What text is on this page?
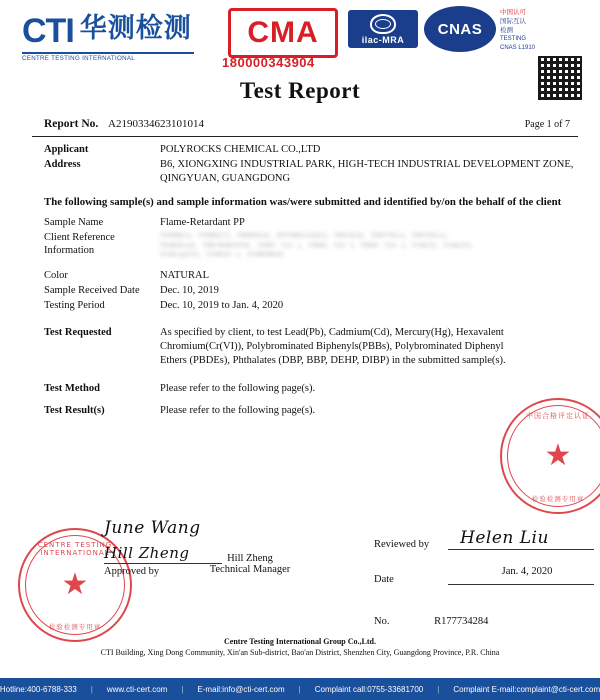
CTI 华测检测
CENTRE TESTING INTERNATIONAL
CMA
180000343904
ilac-MRA
CNAS
中国认可
国际互认
检测
TESTING
CNAS L1910
Test Report
Report No. A2190334623101014	Page 1 of 7
Applicant	POLYROCKS CHEMICAL CO.,LTD
Address	B6, XIONGXING INDUSTRIAL PARK, HIGH-TECH INDUSTRIAL DEVELOPMENT ZONE,
QINGYUAN, GUANGDONG
The following sample(s) and sample information was/were submitted and identified by/on the behalf of the client
Sample Name	Flame-Retardant PP
Client Reference
Information
TDMB(1), TNMK(7), TRMW(4), KPTMEG(4)(5), TREX(4), TRETN(1), TRETK(1),
TEMDL(4), TMCRMENTK, TERT C(3 ), TMBL T(9 ), TRRF C(4 ), TAR(5), TAB(25),
TAM-(p)T(), TAMJ(4 ), TAMEM(4)
Color	NATURAL
Sample Received Date	Dec. 10, 2019
Testing Period	Dec. 10, 2019 to Jan. 4, 2020
Test Requested	As specified by client, to test Lead(Pb), Cadmium(Cd), Mercury(Hg), Hexavalent
Chromium(Cr(VI)), Polybrominated Biphenyls(PBBs), Polybrominated Diphenyl
Ethers (PBDEs), Phthalates (DBP, BBP, DEHP, DIBP) in the submitted sample(s).
Test Method	Please refer to the following page(s).
Test Result(s)	Please refer to the following page(s).
中国合格评定认证
★
检验检测专用章
CENTRE TESTING INTERNATIONAL
★
检验检测专用章
June Wang
Hill Zheng
Approved by
Hill Zheng
Technical Manager
Reviewed by	Helen Liu
Date
Jan. 4, 2020
No.	R177734284
Centre Testing International Group Co.,Ltd.
CTI Building, Xing Dong Community, Xin'an Sub-district, Bao'an District, Shenzhen City, Guangdong Province, P.R. China
Hotline:400-6788-333 | www.cti-cert.com | E-mail:info@cti-cert.com | Complaint call:0755-33681700 | Complaint E-mail:complaint@cti-cert.com
